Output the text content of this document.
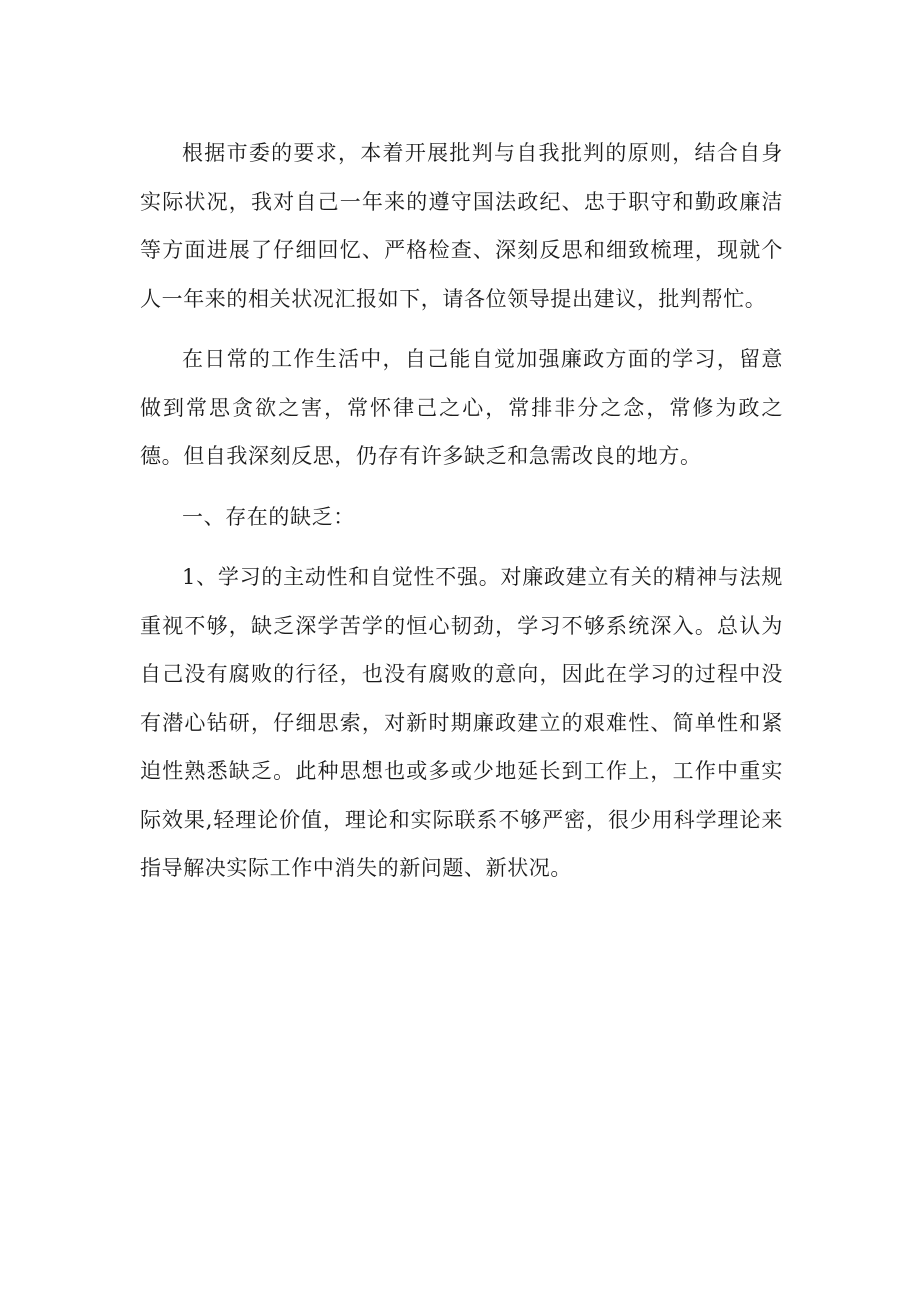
根据市委的要求，本着开展批判与自我批判的原则，结合自身实际状况，我对自己一年来的遵守国法政纪、忠于职守和勤政廉洁等方面进展了仔细回忆、严格检查、深刻反思和细致梳理，现就个人一年来的相关状况汇报如下，请各位领导提出建议，批判帮忙。

在日常的工作生活中，自己能自觉加强廉政方面的学习，留意做到常思贪欲之害，常怀律己之心，常排非分之念，常修为政之德。但自我深刻反思，仍存有许多缺乏和急需改良的地方。

一、存在的缺乏：

1、学习的主动性和自觉性不强。对廉政建立有关的精神与法规重视不够，缺乏深学苦学的恒心韧劲，学习不够系统深入。总认为自己没有腐败的行径，也没有腐败的意向，因此在学习的过程中没有潜心钻研，仔细思索，对新时期廉政建立的艰难性、简单性和紧迫性熟悉缺乏。此种思想也或多或少地延长到工作上，工作中重实际效果,轻理论价值，理论和实际联系不够严密，很少用科学理论来指导解决实际工作中消失的新问题、新状况。
